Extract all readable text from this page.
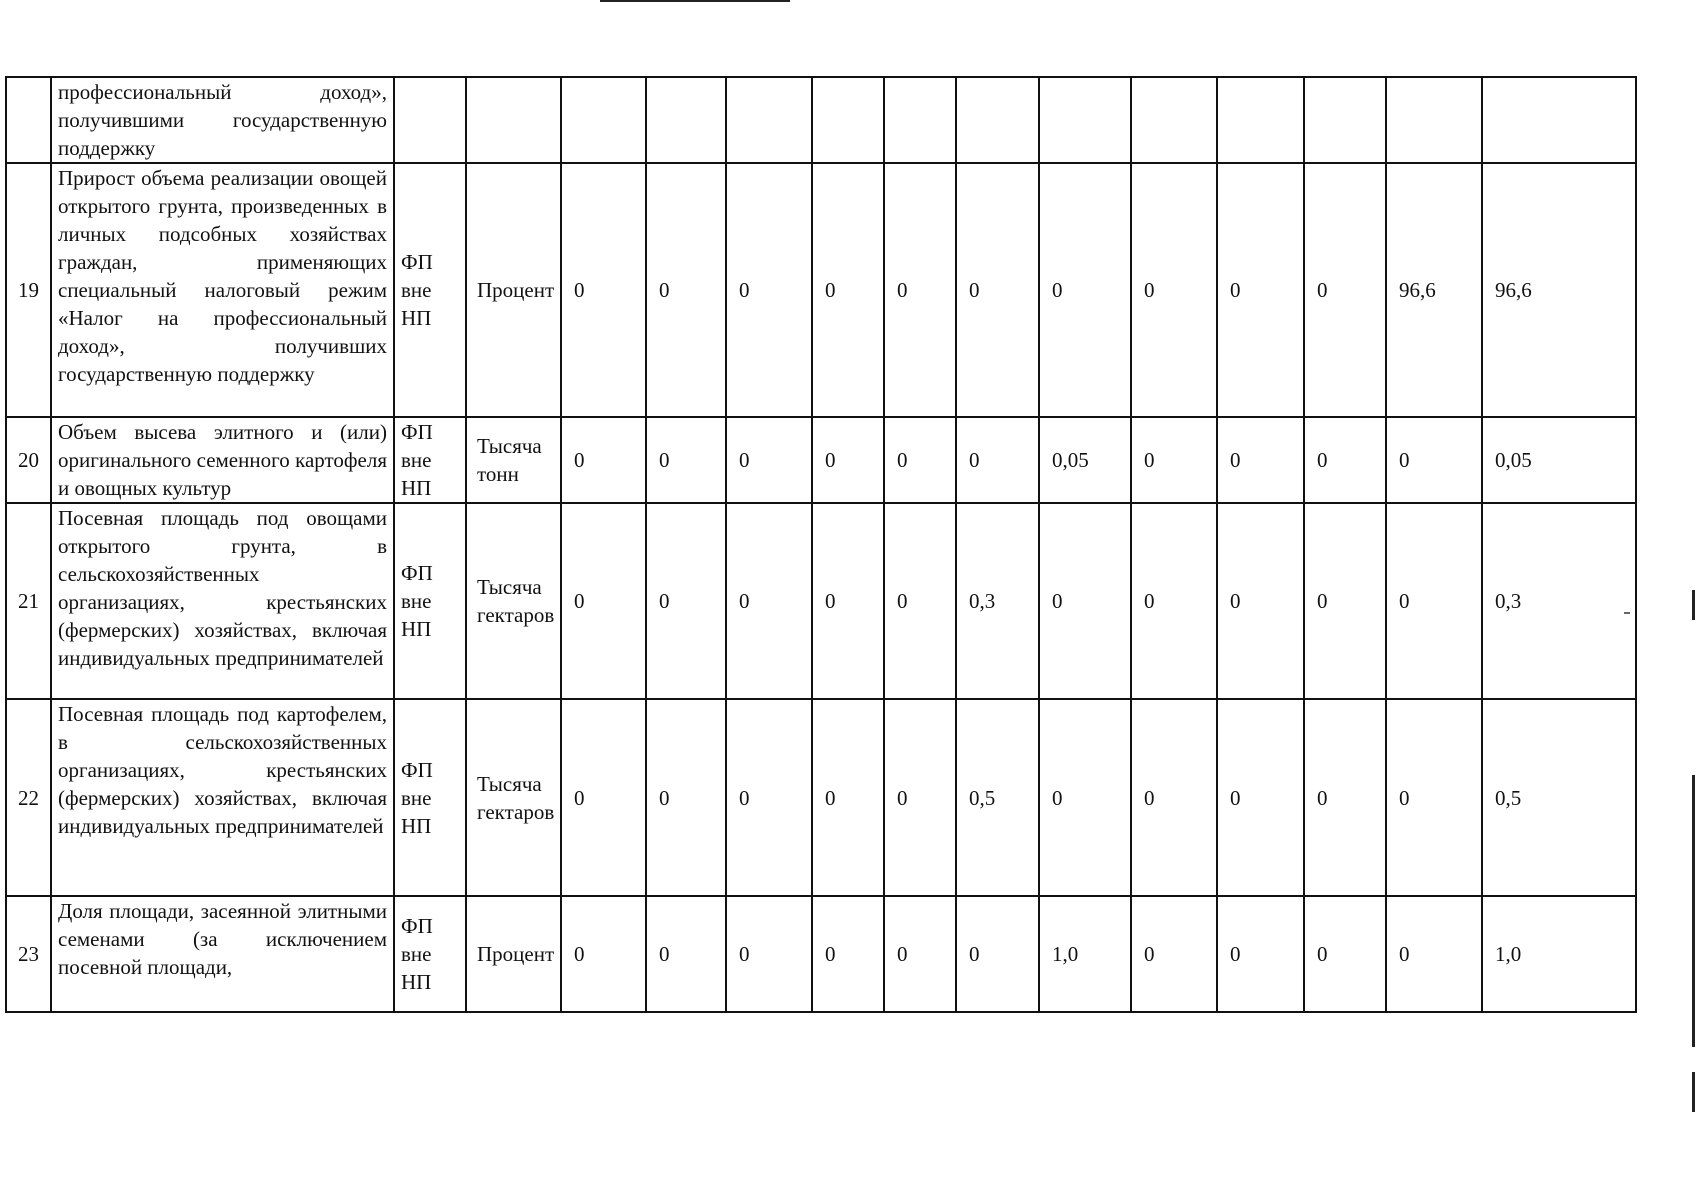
	профессиональный доход», получившими государственную поддержку														
19	Прирост объема реализации овощей открытого грунта, произведенных в личных подсобных хозяйствах граждан, применяющих специальный налоговый режим «Налог на профессиональный доход», получивших государственную поддержку	ФП вне НП	Процент	0	0	0	0	0	0	0	0	0	0	96,6	96,6
20	Объем высева элитного и (или) оригинального семенного картофеля и овощных культур	ФП вне НП	Тысяча тонн	0	0	0	0	0	0	0,05	0	0	0	0	0,05
21	Посевная площадь под овощами открытого грунта, в сельскохозяйственных организациях, крестьянских (фермерских) хозяйствах, включая индивидуальных предпринимателей	ФП вне НП	Тысяча гектаров	0	0	0	0	0	0,3	0	0	0	0	0	0,3
22	Посевная площадь под картофелем, в сельскохозяйственных организациях, крестьянских (фермерских) хозяйствах, включая индивидуальных предпринимателей	ФП вне НП	Тысяча гектаров	0	0	0	0	0	0,5	0	0	0	0	0	0,5
23	Доля площади, засеянной элитными семенами (за исключением посевной площади,	ФП вне НП	Процент	0	0	0	0	0	0	1,0	0	0	0	0	1,0
